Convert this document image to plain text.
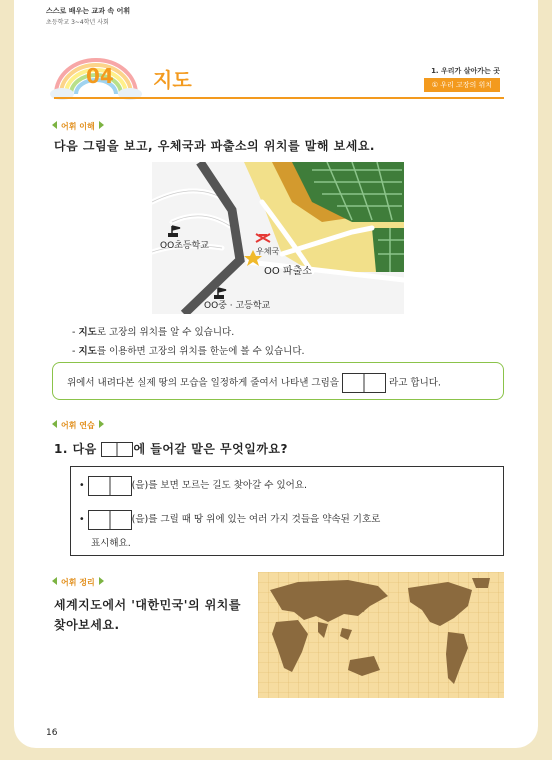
스스로 배우는 교과 속 어휘
초등학교 3~4학년 사회
04 지도	1. 우리가 살아가는 곳
① 우리 고장의 위치
어휘 이해
다음 그림을 보고, 우체국과 파출소의 위치를 말해 보세요.
OO초등학교
우체국
OO 파출소
OO중 · 고등학교
- 지도로 고장의 위치를 알 수 있습니다.
- 지도를 이용하면 고장의 위치를 한눈에 볼 수 있습니다.
위에서 내려다본 실제 땅의 모습을 일정하게 줄여서 나타낸 그림을	라고 합니다.
어휘 연습
1. 다음	에 들어갈 말은 무엇일까요?
•	(을)를 보면 모르는 길도 찾아갈 수 있어요.
•	(을)를 그릴 때 땅 위에 있는 여러 가지 것들을 약속된 기호로
표시해요.
어휘 정리
세계지도에서 '대한민국'의 위치를
찾아보세요.
16
